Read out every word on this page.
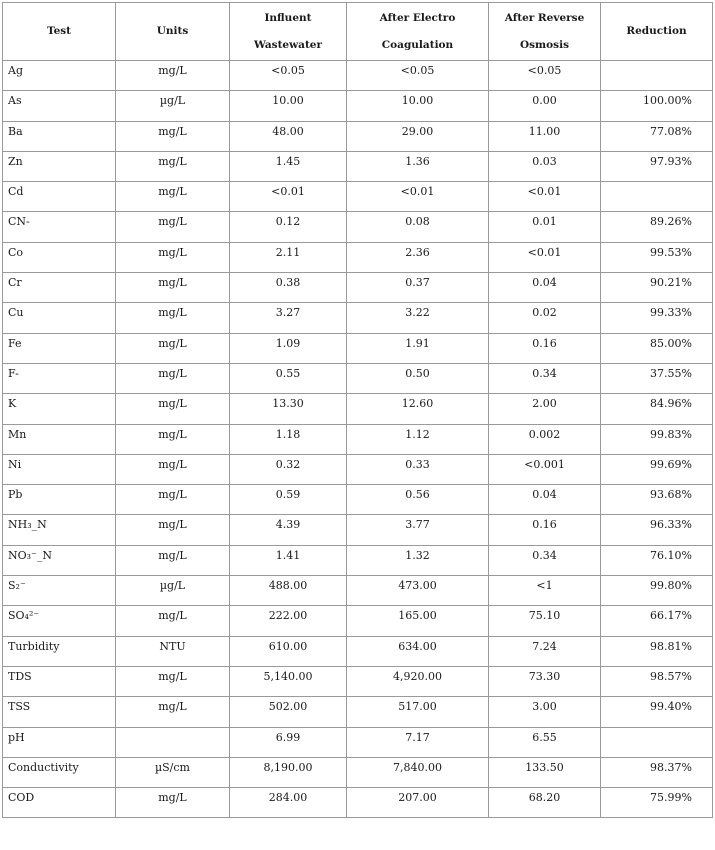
Test	Units	Influent Wastewater	After Electro Coagulation	After Reverse Osmosis	Reduction
Ag	mg/L	<0.05	<0.05	<0.05	
As	µg/L	10.00	10.00	0.00	100.00%
Ba	mg/L	48.00	29.00	11.00	77.08%
Zn	mg/L	1.45	1.36	0.03	97.93%
Cd	mg/L	<0.01	<0.01	<0.01	
CN-	mg/L	0.12	0.08	0.01	89.26%
Co	mg/L	2.11	2.36	<0.01	99.53%
Cr	mg/L	0.38	0.37	0.04	90.21%
Cu	mg/L	3.27	3.22	0.02	99.33%
Fe	mg/L	1.09	1.91	0.16	85.00%
F-	mg/L	0.55	0.50	0.34	37.55%
K	mg/L	13.30	12.60	2.00	84.96%
Mn	mg/L	1.18	1.12	0.002	99.83%
Ni	mg/L	0.32	0.33	<0.001	99.69%
Pb	mg/L	0.59	0.56	0.04	93.68%
NH₃_N	mg/L	4.39	3.77	0.16	96.33%
NO₃⁻_N	mg/L	1.41	1.32	0.34	76.10%
S₂⁻	µg/L	488.00	473.00	<1	99.80%
SO₄²⁻	mg/L	222.00	165.00	75.10	66.17%
Turbidity	NTU	610.00	634.00	7.24	98.81%
TDS	mg/L	5,140.00	4,920.00	73.30	98.57%
TSS	mg/L	502.00	517.00	3.00	99.40%
pH		6.99	7.17	6.55	
Conductivity	µS/cm	8,190.00	7,840.00	133.50	98.37%
COD	mg/L	284.00	207.00	68.20	75.99%
